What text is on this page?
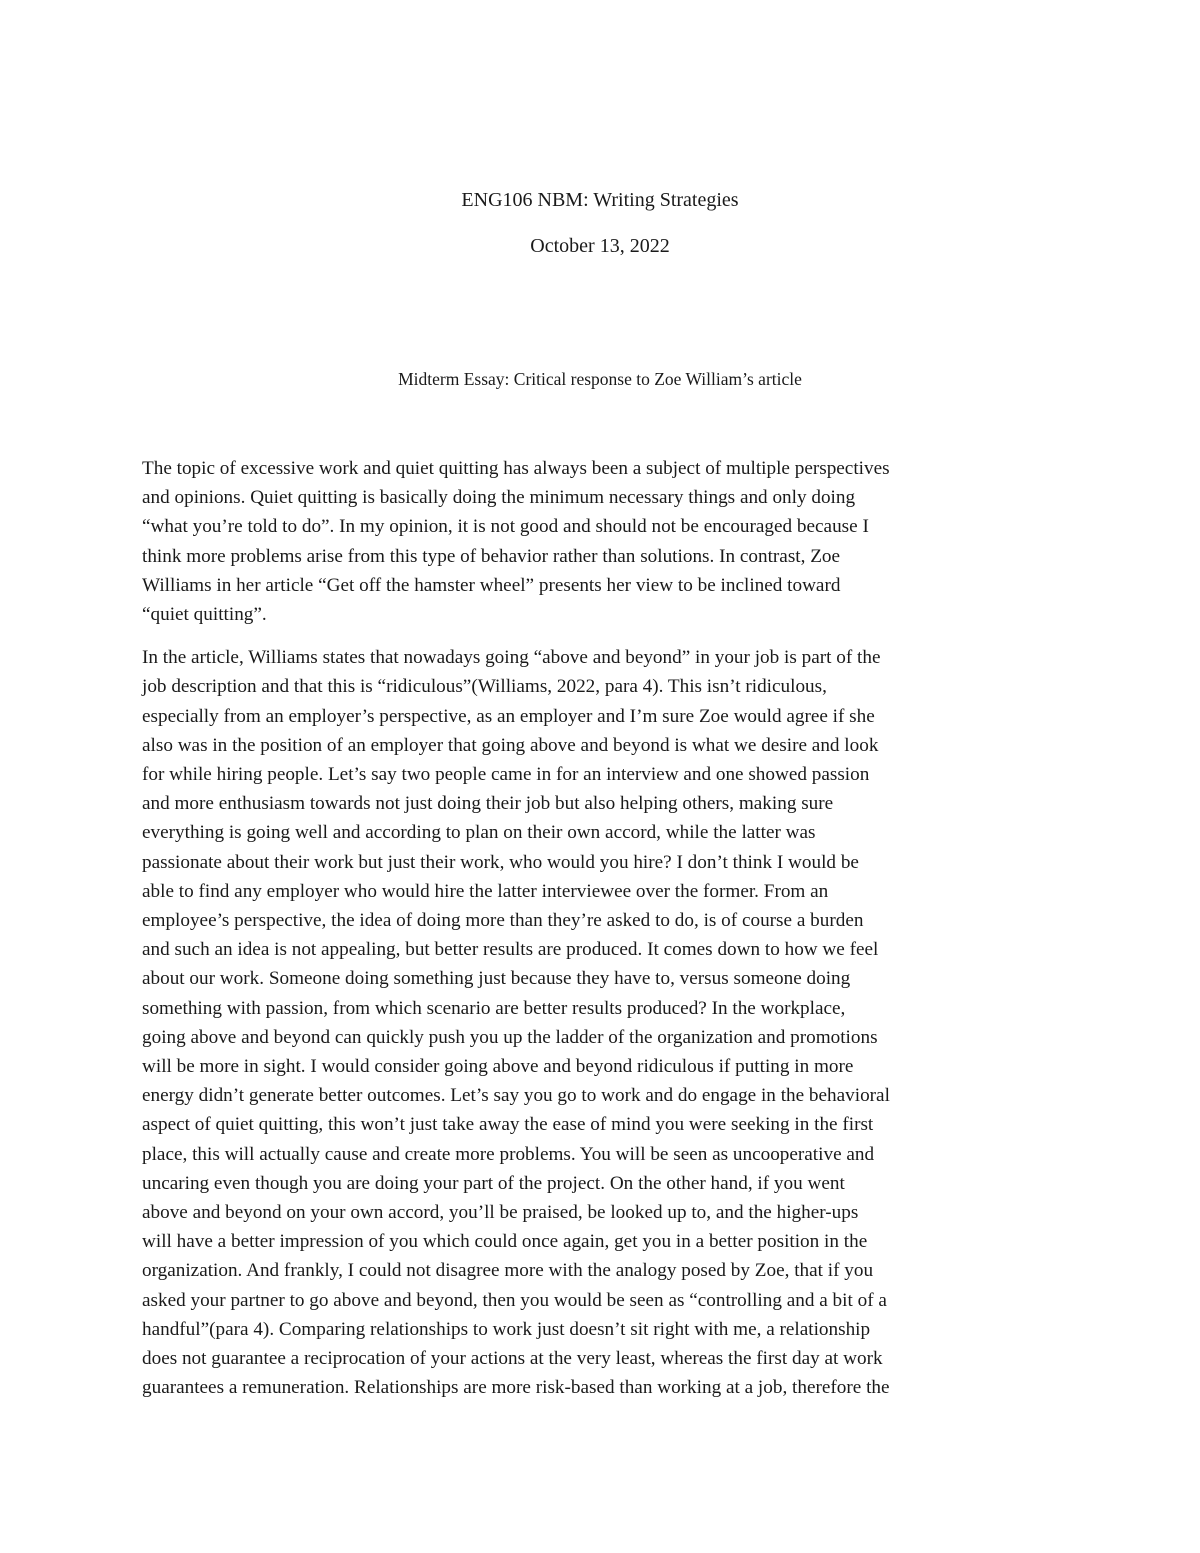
ENG106 NBM: Writing Strategies

October 13, 2022

Midterm Essay: Critical response to Zoe William’s article

The topic of excessive work and quiet quitting has always been a subject of multiple perspectives
and opinions. Quiet quitting is basically doing the minimum necessary things and only doing
“what you’re told to do”. In my opinion, it is not good and should not be encouraged because I
think more problems arise from this type of behavior rather than solutions. In contrast, Zoe
Williams in her article “Get off the hamster wheel” presents her view to be inclined toward
“quiet quitting”.

In the article, Williams states that nowadays going “above and beyond” in your job is part of the
job description and that this is “ridiculous”(Williams, 2022, para 4). This isn’t ridiculous,
especially from an employer’s perspective, as an employer and I’m sure Zoe would agree if she
also was in the position of an employer that going above and beyond is what we desire and look
for while hiring people. Let’s say two people came in for an interview and one showed passion
and more enthusiasm towards not just doing their job but also helping others, making sure
everything is going well and according to plan on their own accord, while the latter was
passionate about their work but just their work, who would you hire? I don’t think I would be
able to find any employer who would hire the latter interviewee over the former. From an
employee’s perspective, the idea of doing more than they’re asked to do, is of course a burden
and such an idea is not appealing, but better results are produced. It comes down to how we feel
about our work. Someone doing something just because they have to, versus someone doing
something with passion, from which scenario are better results produced? In the workplace,
going above and beyond can quickly push you up the ladder of the organization and promotions
will be more in sight. I would consider going above and beyond ridiculous if putting in more
energy didn’t generate better outcomes. Let’s say you go to work and do engage in the behavioral
aspect of quiet quitting, this won’t just take away the ease of mind you were seeking in the first
place, this will actually cause and create more problems. You will be seen as uncooperative and
uncaring even though you are doing your part of the project. On the other hand, if you went
above and beyond on your own accord, you’ll be praised, be looked up to, and the higher-ups
will have a better impression of you which could once again, get you in a better position in the
organization. And frankly, I could not disagree more with the analogy posed by Zoe, that if you
asked your partner to go above and beyond, then you would be seen as “controlling and a bit of a
handful”(para 4). Comparing relationships to work just doesn’t sit right with me, a relationship
does not guarantee a reciprocation of your actions at the very least, whereas the first day at work
guarantees a remuneration. Relationships are more risk-based than working at a job, therefore the
